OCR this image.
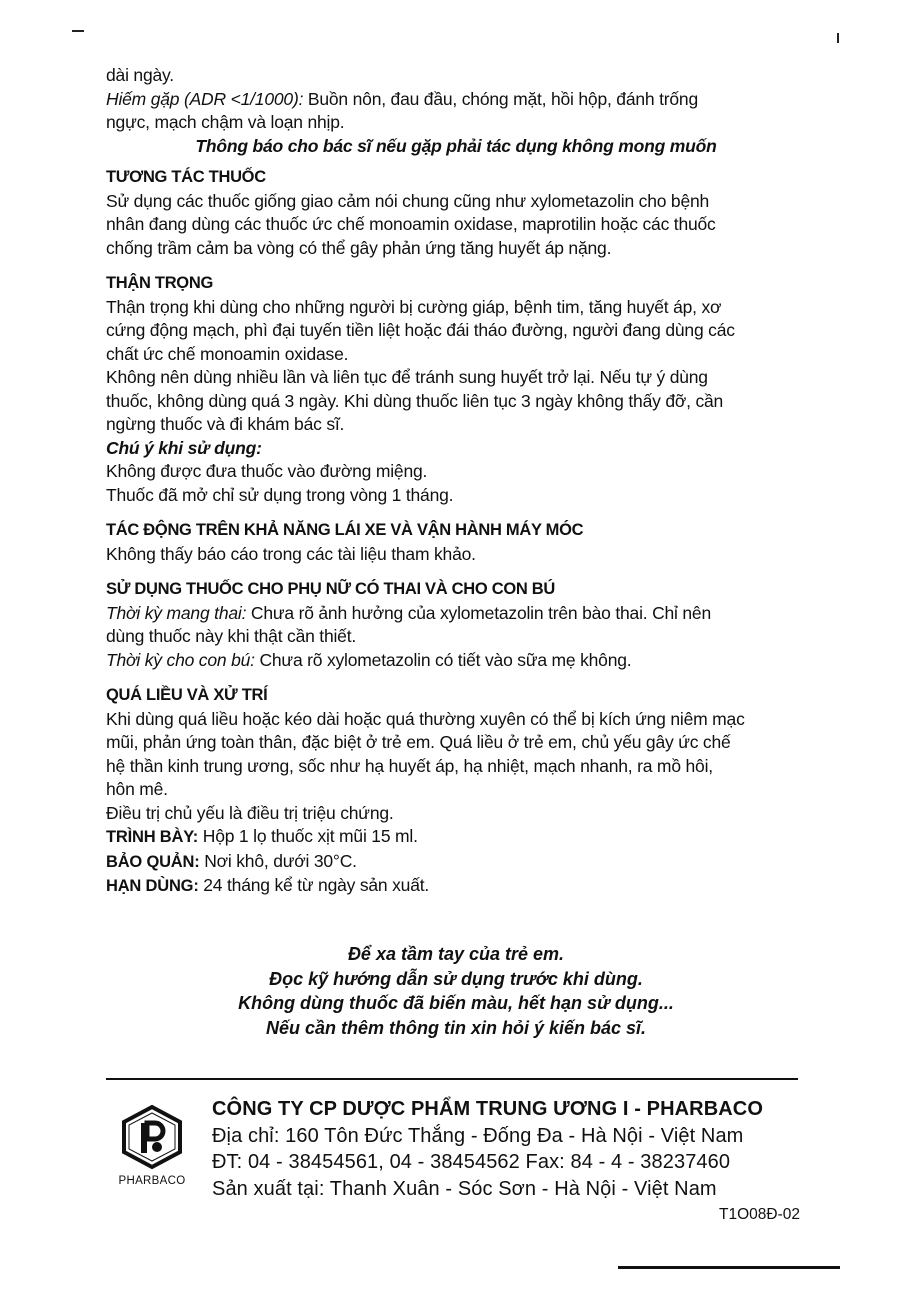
dài ngày.

Hiếm gặp (ADR <1/1000): Buồn nôn, đau đầu, chóng mặt, hồi hộp, đánh trống

ngực, mạch chậm và loạn nhịp.

Thông báo cho bác sĩ nếu gặp phải tác dụng không mong muốn

TƯƠNG TÁC THUỐC

Sử dụng các thuốc giống giao cảm nói chung cũng như xylometazolin cho bệnh

nhân đang dùng các thuốc ức chế monoamin oxidase, maprotilin hoặc các thuốc

chống trầm cảm ba vòng có thể gây phản ứng tăng huyết áp nặng.

THẬN TRỌNG

Thận trọng khi dùng cho những người bị cường giáp, bệnh tim, tăng huyết áp, xơ

cứng động mạch, phì đại tuyến tiền liệt hoặc đái tháo đường, người đang dùng các

chất ức chế monoamin oxidase.

Không nên dùng nhiều lần và liên tục để tránh sung huyết trở lại. Nếu tự ý dùng

thuốc, không dùng quá 3 ngày. Khi dùng thuốc liên tục 3 ngày không thấy đỡ, cần

ngừng thuốc và đi khám bác sĩ.

Chú ý khi sử dụng:

Không được đưa thuốc vào đường miệng.

Thuốc đã mở chỉ sử dụng trong vòng 1 tháng.

TÁC ĐỘNG TRÊN KHẢ NĂNG LÁI XE VÀ VẬN HÀNH MÁY MÓC

Không thấy báo cáo trong các tài liệu tham khảo.

SỬ DỤNG THUỐC CHO PHỤ NỮ CÓ THAI VÀ CHO CON BÚ

Thời kỳ mang thai: Chưa rõ ảnh hưởng của xylometazolin trên bào thai. Chỉ nên

dùng thuốc này khi thật cần thiết.

Thời kỳ cho con bú: Chưa rõ xylometazolin có tiết vào sữa mẹ không.

QUÁ LIỀU VÀ XỬ TRÍ

Khi dùng quá liều hoặc kéo dài hoặc quá thường xuyên có thể bị kích ứng niêm mạc

mũi, phản ứng toàn thân, đặc biệt ở trẻ em. Quá liều ở trẻ em, chủ yếu gây ức chế

hệ thần kinh trung ương, sốc như hạ huyết áp, hạ nhiệt, mạch nhanh, ra mồ hôi,

hôn mê.

Điều trị chủ yếu là điều trị triệu chứng.

TRÌNH BÀY: Hộp 1 lọ thuốc xịt mũi 15 ml.

BẢO QUẢN: Nơi khô, dưới 30°C.

HẠN DÙNG: 24 tháng kể từ ngày sản xuất.

Để xa tầm tay của trẻ em.

Đọc kỹ hướng dẫn sử dụng trước khi dùng.

Không dùng thuốc đã biến màu, hết hạn sử dụng...

Nếu cần thêm thông tin xin hỏi ý kiến bác sĩ.

PHARBACO

CÔNG TY CP DƯỢC PHẨM TRUNG ƯƠNG I - PHARBACO

Địa chỉ: 160 Tôn Đức Thắng - Đống Đa - Hà Nội - Việt Nam

ĐT: 04 - 38454561, 04 - 38454562 Fax: 84 - 4 - 38237460

Sản xuất tại: Thanh Xuân - Sóc Sơn - Hà Nội - Việt Nam

T1O08Đ-02
